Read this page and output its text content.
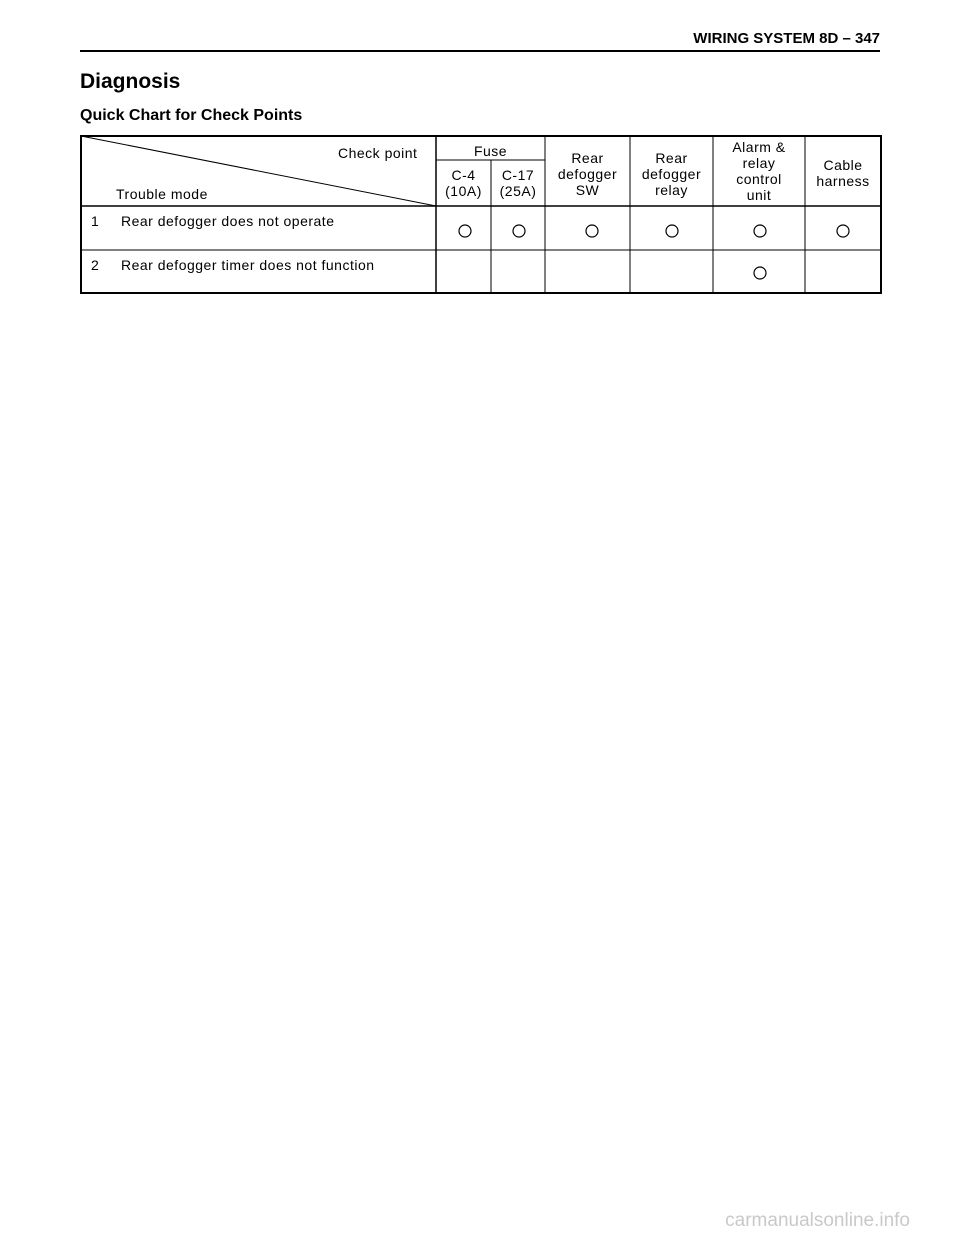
WIRING SYSTEM 8D – 347
Diagnosis
Quick Chart for Check Points
Check point
Trouble mode
Fuse
C-4
(10A)
C-17
(25A)
Rear
defogger
SW
Rear
defogger
relay
Alarm &
relay
control
unit
Cable
harness
1 Rear defogger does not operate
2 Rear defogger timer does not function
carmanualsonline.info
